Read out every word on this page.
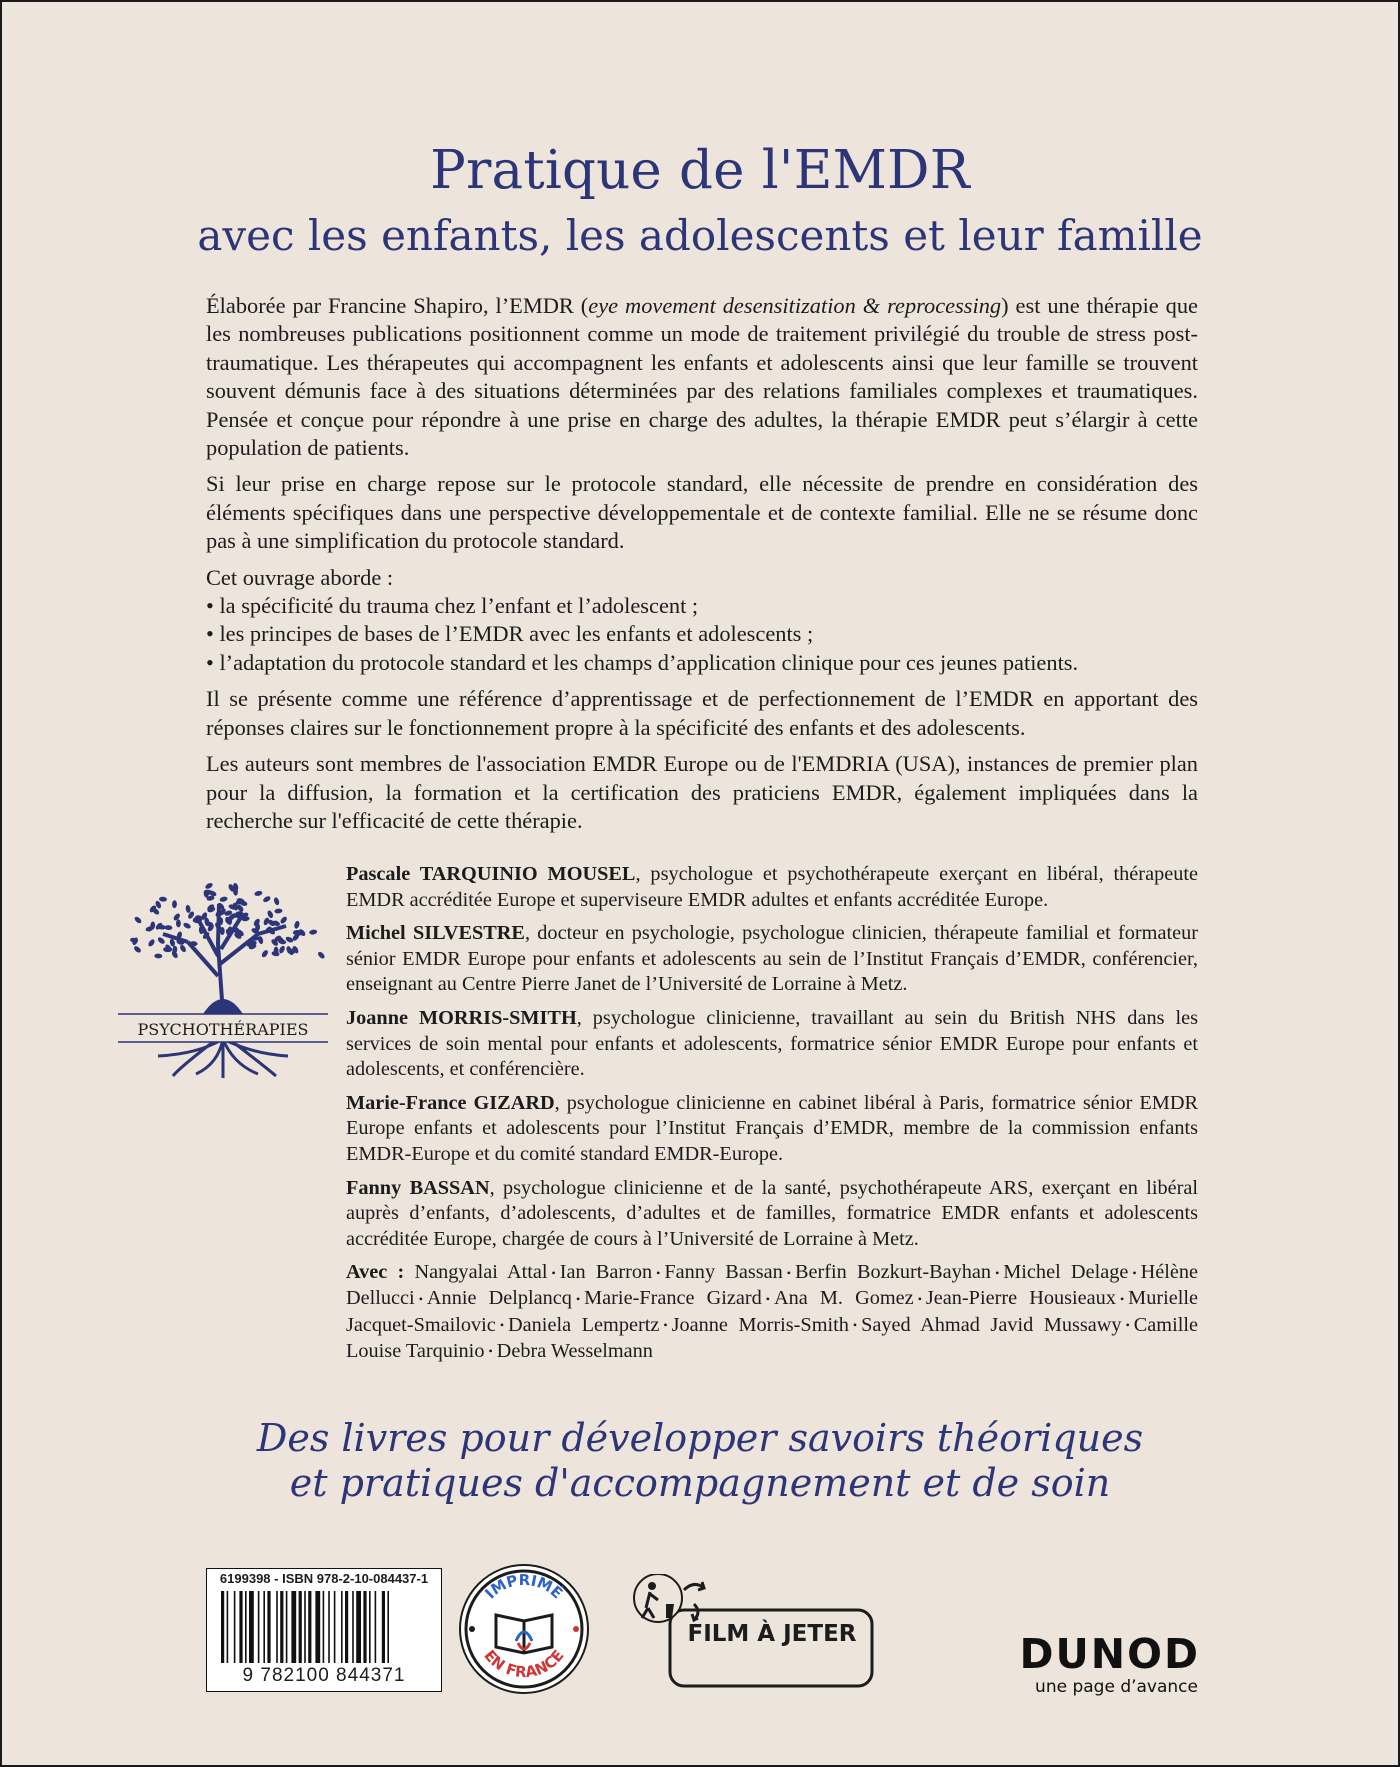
Pratique de l'EMDR
avec les enfants, les adolescents et leur famille

Élaborée par Francine Shapiro, l’EMDR (eye movement desensitization & reprocessing) est une thérapie que les nombreuses publications positionnent comme un mode de traitement privilégié du trouble de stress post-traumatique. Les thérapeutes qui accompagnent les enfants et adolescents ainsi que leur famille se trouvent souvent démunis face à des situations déterminées par des relations familiales complexes et traumatiques. Pensée et conçue pour répondre à une prise en charge des adultes, la thérapie EMDR peut s’élargir à cette population de patients.

Si leur prise en charge repose sur le protocole standard, elle nécessite de prendre en considération des éléments spécifiques dans une perspective développementale et de contexte familial. Elle ne se résume donc pas à une simplification du protocole standard.

Cet ouvrage aborde :
• la spécificité du trauma chez l’enfant et l’adolescent ;
• les principes de bases de l’EMDR avec les enfants et adolescents ;
• l’adaptation du protocole standard et les champs d’application clinique pour ces jeunes patients.

Il se présente comme une référence d’apprentissage et de perfectionnement de l’EMDR en apportant des réponses claires sur le fonctionnement propre à la spécificité des enfants et des adolescents.

Les auteurs sont membres de l'association EMDR Europe ou de l'EMDRIA (USA), instances de premier plan pour la diffusion, la formation et la certification des praticiens EMDR, également impliquées dans la recherche sur l'efficacité de cette thérapie.

PSYCHOTHÉRAPIES

Pascale TARQUINIO MOUSEL, psychologue et psychothérapeute exerçant en libéral, thérapeute EMDR accréditée Europe et superviseure EMDR adultes et enfants accréditée Europe.

Michel SILVESTRE, docteur en psychologie, psychologue clinicien, thérapeute familial et formateur sénior EMDR Europe pour enfants et adolescents au sein de l’Institut Français d’EMDR, conférencier, enseignant au Centre Pierre Janet de l’Université de Lorraine à Metz.

Joanne MORRIS-SMITH, psychologue clinicienne, travaillant au sein du British NHS dans les services de soin mental pour enfants et adolescents, formatrice sénior EMDR Europe pour enfants et adolescents, et conférencière.

Marie-France GIZARD, psychologue clinicienne en cabinet libéral à Paris, formatrice sénior EMDR Europe enfants et adolescents pour l’Institut Français d’EMDR, membre de la commission enfants EMDR-Europe et du comité standard EMDR-Europe.

Fanny BASSAN, psychologue clinicienne et de la santé, psychothérapeute ARS, exerçant en libéral auprès d’enfants, d’adolescents, d’adultes et de familles, formatrice EMDR enfants et adolescents accréditée Europe, chargée de cours à l’Université de Lorraine à Metz.

Avec : Nangyalai Attal • Ian Barron • Fanny Bassan • Berfin Bozkurt-Bayhan • Michel Delage • Hélène Dellucci • Annie Delplancq • Marie-France Gizard • Ana M. Gomez • Jean-Pierre Housieaux • Murielle Jacquet-Smailovic • Daniela Lempertz • Joanne Morris-Smith • Sayed Ahmad Javid Mussawy • Camille Louise Tarquinio • Debra Wesselmann

Des livres pour développer savoirs théoriques
et pratiques d'accompagnement et de soin
6199398 - ISBN 978-2-10-084437-1
9 782100 844371
IMPRIMÉ
EN FRANCE
FILM À JETER	DUNOD
une page d’avance
